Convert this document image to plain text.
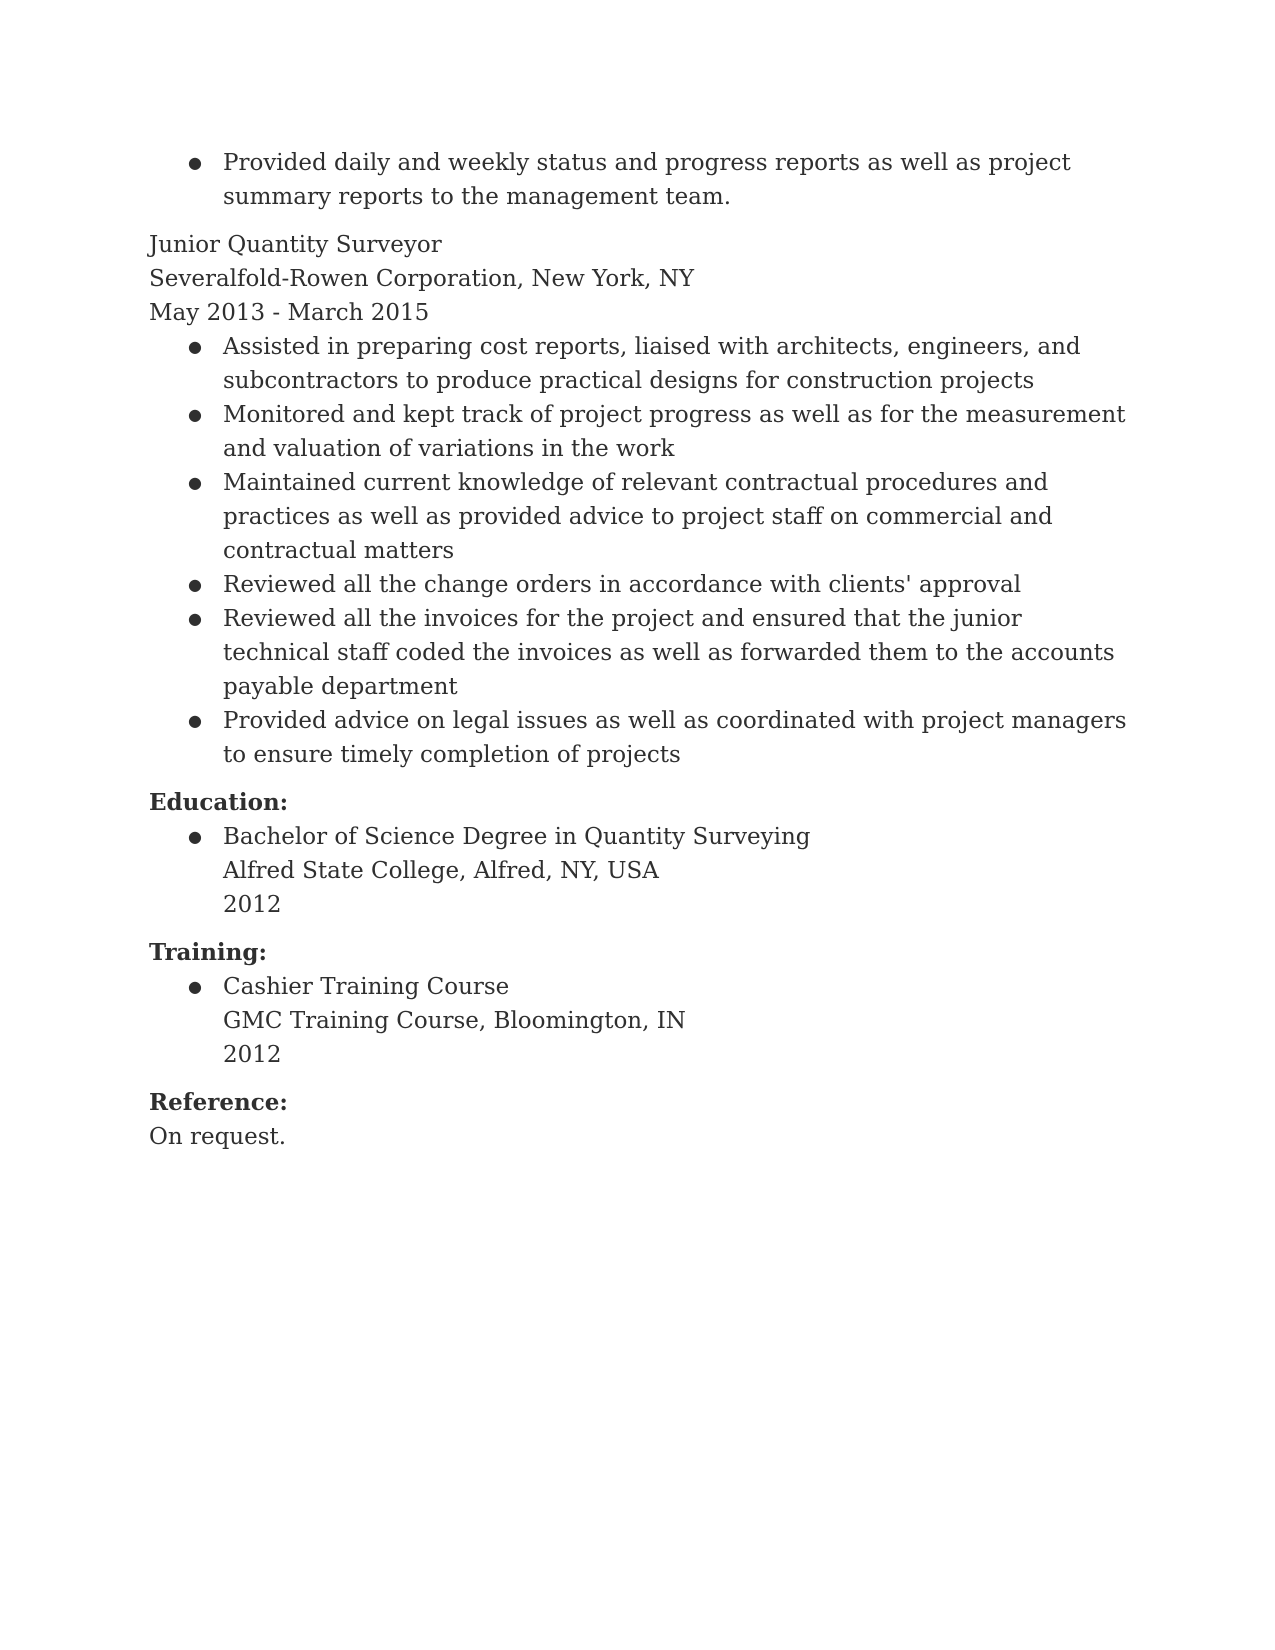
● Provided daily and weekly status and progress reports as well as project summary reports to the management team.

Junior Quantity Surveyor

Severalfold-Rowen Corporation, New York, NY

May 2013 - March 2015

● Assisted in preparing cost reports, liaised with architects, engineers, and subcontractors to produce practical designs for construction projects
● Monitored and kept track of project progress as well as for the measurement and valuation of variations in the work
● Maintained current knowledge of relevant contractual procedures and practices as well as provided advice to project staff on commercial and contractual matters
● Reviewed all the change orders in accordance with clients' approval
● Reviewed all the invoices for the project and ensured that the junior technical staff coded the invoices as well as forwarded them to the accounts payable department
● Provided advice on legal issues as well as coordinated with project managers to ensure timely completion of projects

Education:

● Bachelor of Science Degree in Quantity Surveying
Alfred State College, Alfred, NY, USA
2012

Training:

● Cashier Training Course
GMC Training Course, Bloomington, IN
2012

Reference:

On request.
